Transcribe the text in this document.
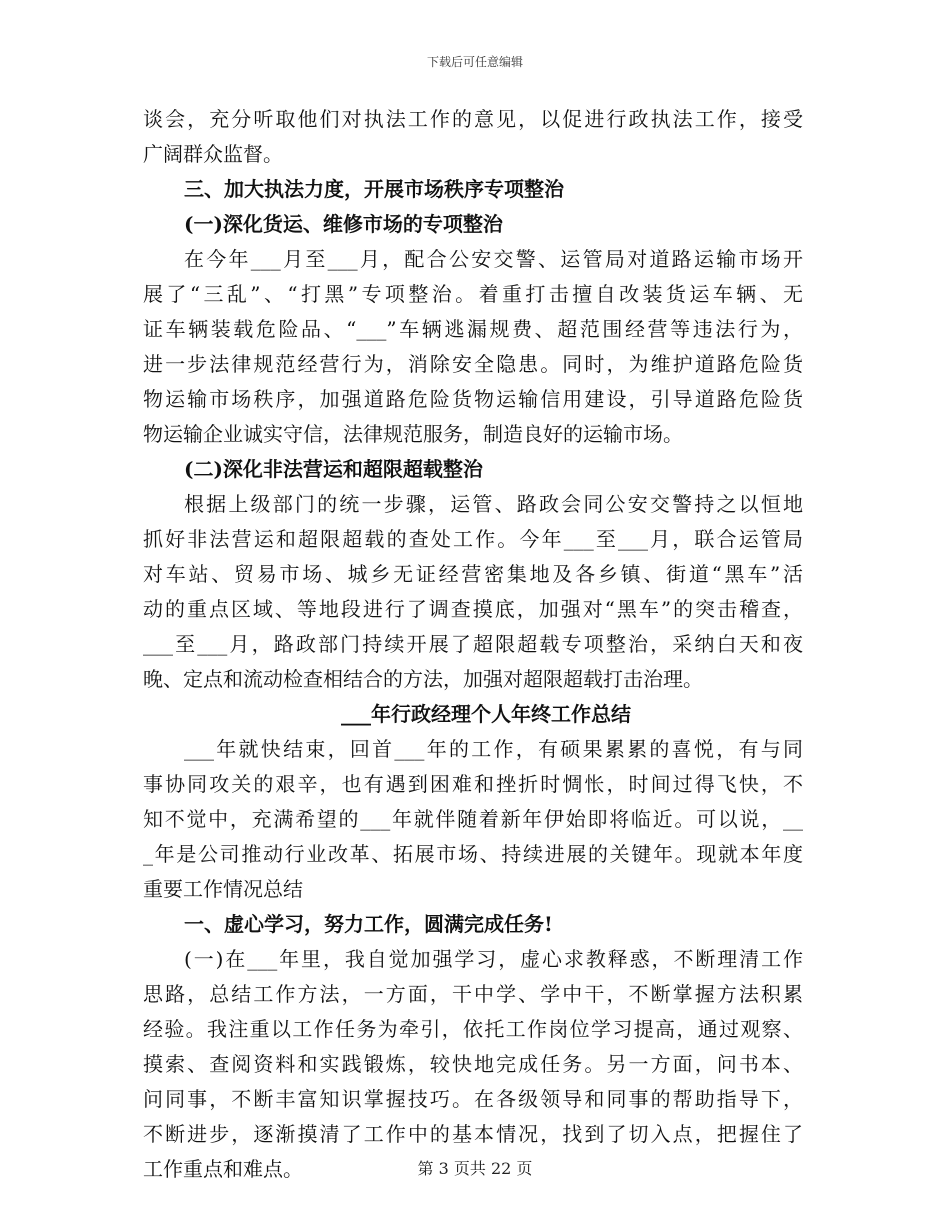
下载后可任意编辑
谈会，充分听取他们对执法工作的意见，以促进行政执法工作，接受
广阔群众监督。
三、加大执法力度，开展市场秩序专项整治
(一)深化货运、维修市场的专项整治
在今年___月至___月，配合公安交警、运管局对道路运输市场开
展了“三乱”、“打黑”专项整治。着重打击擅自改装货运车辆、无
证车辆装载危险品、“___”车辆逃漏规费、超范围经营等违法行为，
进一步法律规范经营行为，消除安全隐患。同时，为维护道路危险货
物运输市场秩序，加强道路危险货物运输信用建设，引导道路危险货
物运输企业诚实守信，法律规范服务，制造良好的运输市场。
(二)深化非法营运和超限超载整治
根据上级部门的统一步骤，运管、路政会同公安交警持之以恒地
抓好非法营运和超限超载的查处工作。今年___至___月，联合运管局
对车站、贸易市场、城乡无证经营密集地及各乡镇、街道“黑车”活
动的重点区域、等地段进行了调查摸底，加强对“黑车”的突击稽查，
___至___月，路政部门持续开展了超限超载专项整治，采纳白天和夜
晚、定点和流动检查相结合的方法，加强对超限超载打击治理。
___年行政经理个人年终工作总结
___年就快结束，回首___年的工作，有硕果累累的喜悦，有与同
事协同攻关的艰辛，也有遇到困难和挫折时惆怅，时间过得飞快，不
知不觉中，充满希望的___年就伴随着新年伊始即将临近。可以说，__
_年是公司推动行业改革、拓展市场、持续进展的关键年。现就本年度
重要工作情况总结
一、虚心学习，努力工作，圆满完成任务!
(一)在___年里，我自觉加强学习，虚心求教释惑，不断理清工作
思路，总结工作方法，一方面，干中学、学中干，不断掌握方法积累
经验。我注重以工作任务为牵引，依托工作岗位学习提高，通过观察、
摸索、查阅资料和实践锻炼，较快地完成任务。另一方面，问书本、
问同事，不断丰富知识掌握技巧。在各级领导和同事的帮助指导下，
不断进步，逐渐摸清了工作中的基本情况，找到了切入点，把握住了
工作重点和难点。	第 3 页共 22 页
